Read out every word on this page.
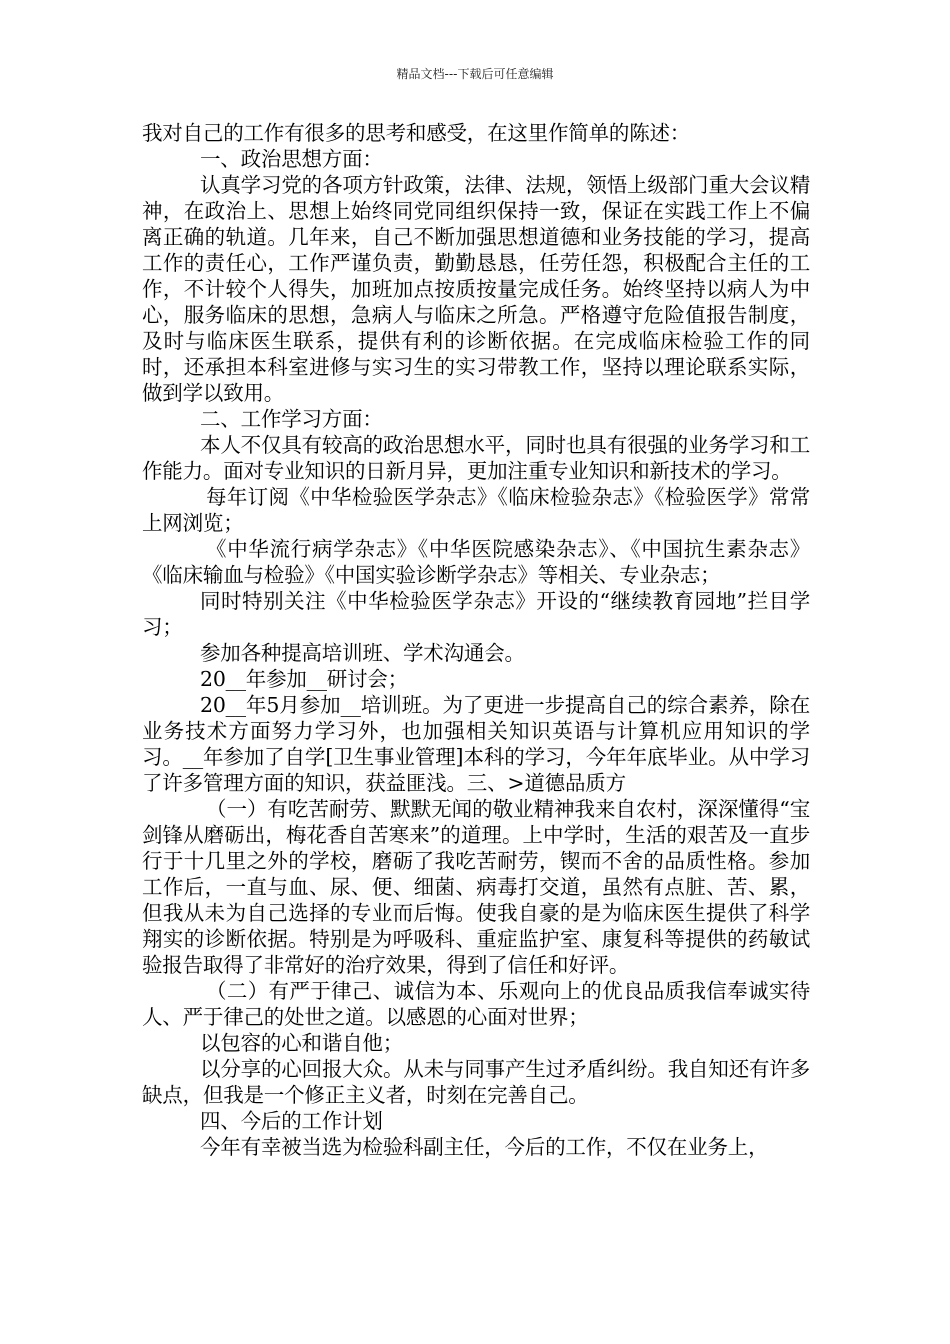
精品文档---下载后可任意编辑

我对自己的工作有很多的思考和感受，在这里作简单的陈述：

一、政治思想方面：

认真学习党的各项方针政策，法律、法规，领悟上级部门重大会议精神，在政治上、思想上始终同党同组织保持一致，保证在实践工作上不偏离正确的轨道。几年来，自己不断加强思想道德和业务技能的学习，提高工作的责任心，工作严谨负责，勤勤恳恳，任劳任怨，积极配合主任的工作，不计较个人得失，加班加点按质按量完成任务。始终坚持以病人为中心，服务临床的思想，急病人与临床之所急。严格遵守危险值报告制度，及时与临床医生联系，提供有利的诊断依据。在完成临床检验工作的同时，还承担本科室进修与实习生的实习带教工作，坚持以理论联系实际，做到学以致用。

二、工作学习方面：

本人不仅具有较高的政治思想水平，同时也具有很强的业务学习和工作能力。面对专业知识的日新月异，更加注重专业知识和新技术的学习。

每年订阅《中华检验医学杂志》《临床检验杂志》《检验医学》常常上网浏览；

《中华流行病学杂志》《中华医院感染杂志》、《中国抗生素杂志》《临床输血与检验》《中国实验诊断学杂志》等相关、专业杂志；

同时特别关注《中华检验医学杂志》开设的“继续教育园地”拦目学习；

参加各种提高培训班、学术沟通会。

20__年参加__研讨会；

20__年5月参加__培训班。为了更进一步提高自己的综合素养，除在业务技术方面努力学习外，也加强相关知识英语与计算机应用知识的学习。__年参加了自学[卫生事业管理]本科的学习，今年年底毕业。从中学习了许多管理方面的知识，获益匪浅。三、>道德品质方

（一）有吃苦耐劳、默默无闻的敬业精神我来自农村，深深懂得“宝剑锋从磨砺出，梅花香自苦寒来”的道理。上中学时，生活的艰苦及一直步行于十几里之外的学校，磨砺了我吃苦耐劳，锲而不舍的品质性格。参加工作后，一直与血、尿、便、细菌、病毒打交道，虽然有点脏、苦、累，但我从未为自己选择的专业而后悔。使我自豪的是为临床医生提供了科学翔实的诊断依据。特别是为呼吸科、重症监护室、康复科等提供的药敏试验报告取得了非常好的治疗效果，得到了信任和好评。

（二）有严于律己、诚信为本、乐观向上的优良品质我信奉诚实待人、严于律己的处世之道。以感恩的心面对世界；

以包容的心和谐自他；

以分享的心回报大众。从未与同事产生过矛盾纠纷。我自知还有许多缺点，但我是一个修正主义者，时刻在完善自己。

四、今后的工作计划

今年有幸被当选为检验科副主任，今后的工作，不仅在业务上，
